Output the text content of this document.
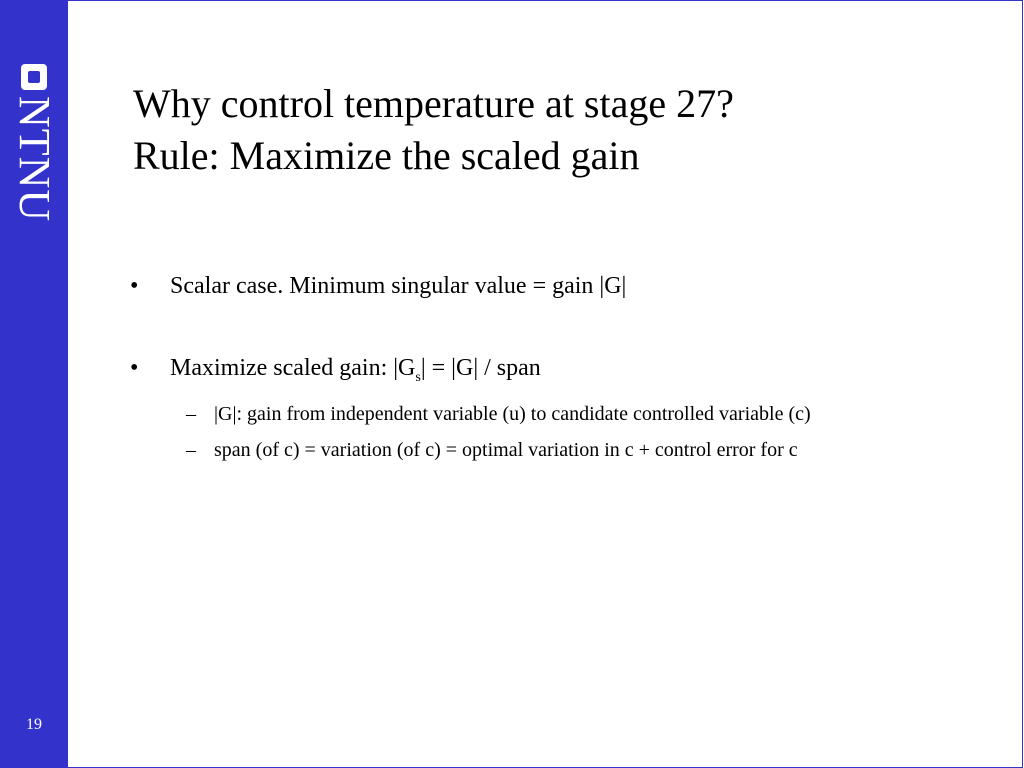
NTNU
19
Why control temperature at stage 27?
Rule: Maximize the scaled gain
• Scalar case. Minimum singular value = gain |G|
• Maximize scaled gain: $|G_s| = |G|$ / span
– |G|: gain from independent variable (u) to candidate controlled variable (c)
– span (of c) = variation (of c) = optimal variation in c + control error for c
